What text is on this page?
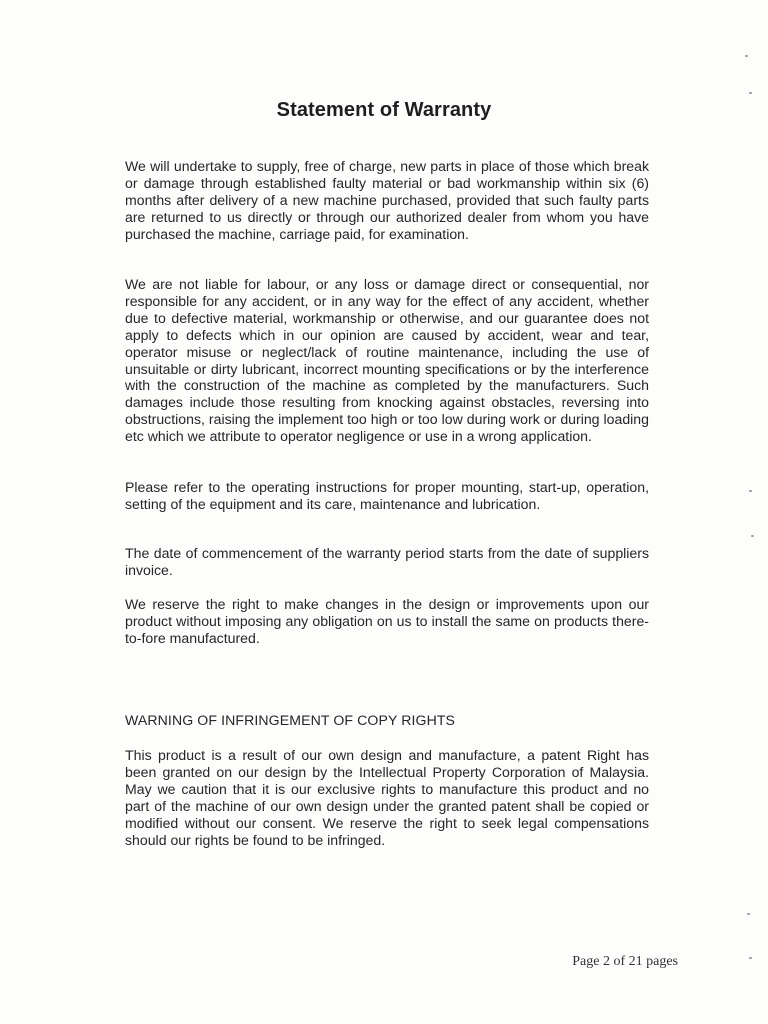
Statement of Warranty

We will undertake to supply, free of charge, new parts in place of those which break or damage through established faulty material or bad workmanship within six (6) months after delivery of a new machine purchased, provided that such faulty parts are returned to us directly or through our authorized dealer from whom you have purchased the machine, carriage paid, for examination.

We are not liable for labour, or any loss or damage direct or consequential, nor responsible for any accident, or in any way for the effect of any accident, whether due to defective material, workmanship or otherwise, and our guarantee does not apply to defects which in our opinion are caused by accident, wear and tear, operator misuse or neglect/lack of routine maintenance, including the use of unsuitable or dirty lubricant, incorrect mounting specifications or by the interference with the construction of the machine as completed by the manufacturers. Such damages include those resulting from knocking against obstacles, reversing into obstructions, raising the implement too high or too low during work or during loading etc which we attribute to operator negligence or use in a wrong application.

Please refer to the operating instructions for proper mounting, start-up, operation, setting of the equipment and its care, maintenance and lubrication.

The date of commencement of the warranty period starts from the date of suppliers invoice.

We reserve the right to make changes in the design or improvements upon our product without imposing any obligation on us to install the same on products there-to-fore manufactured.

WARNING OF INFRINGEMENT OF COPY RIGHTS

This product is a result of our own design and manufacture, a patent Right has been granted on our design by the Intellectual Property Corporation of Malaysia. May we caution that it is our exclusive rights to manufacture this product and no part of the machine of our own design under the granted patent shall be copied or modified without our consent. We reserve the right to seek legal compensations should our rights be found to be infringed.

Page 2 of 21 pages
